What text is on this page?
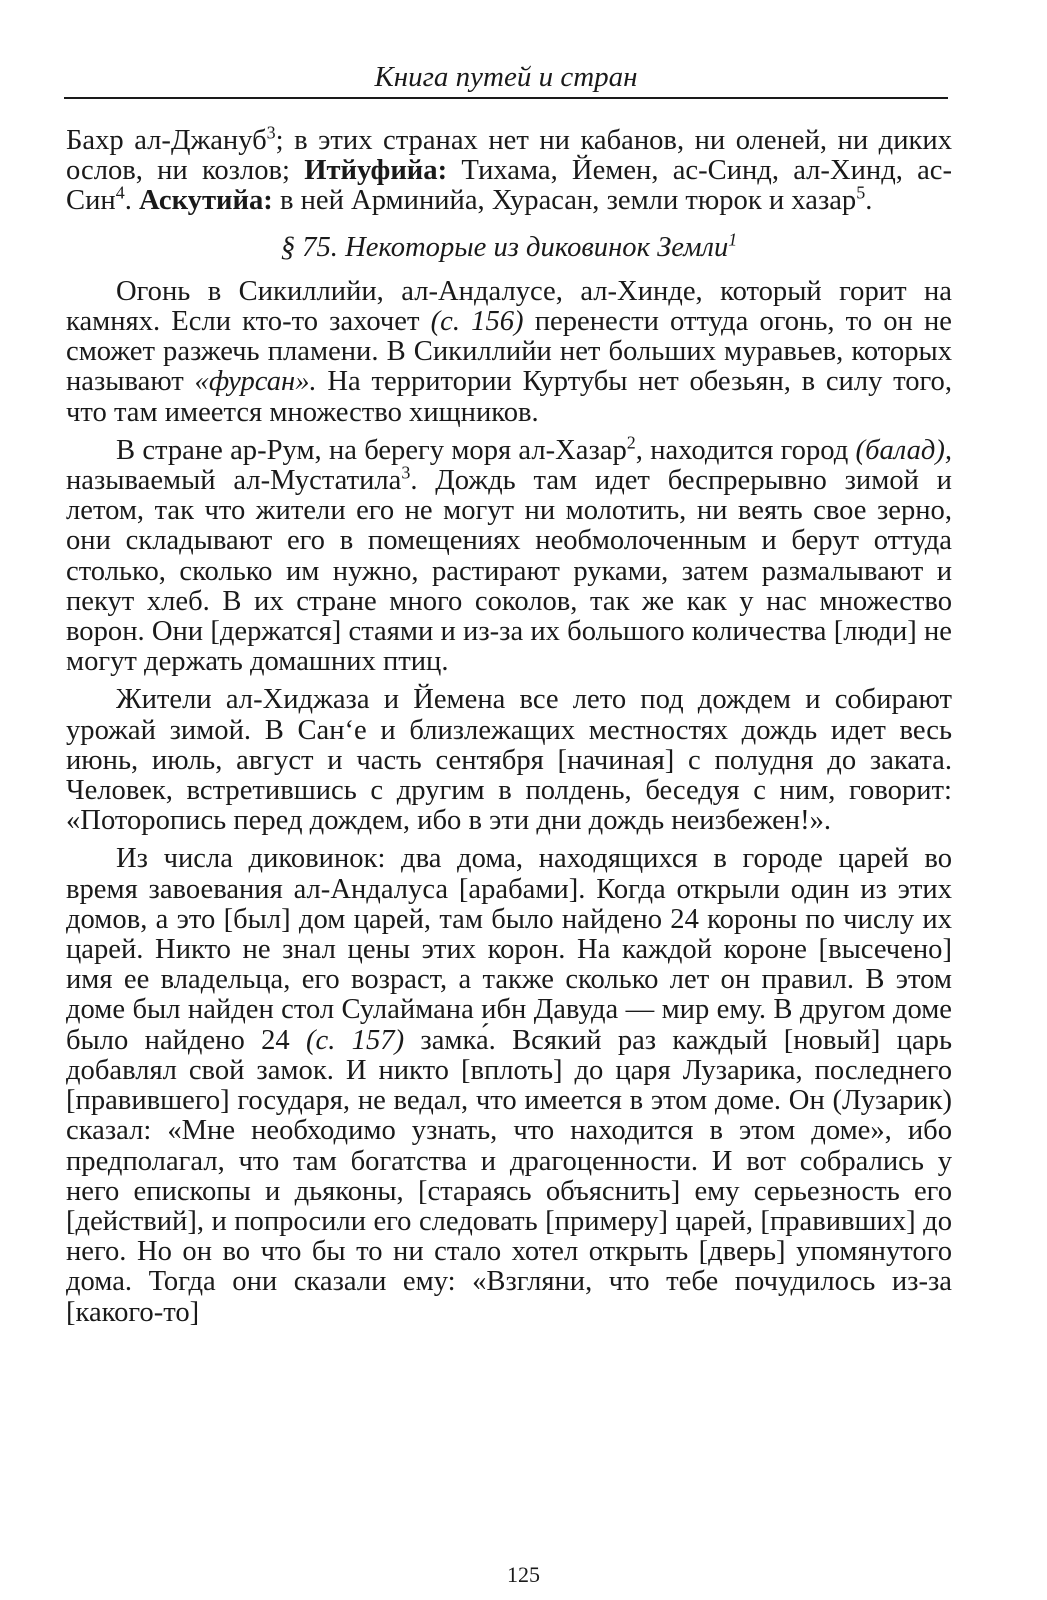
Книга путей и стран

Бахр ал-Джануб$^3$; в этих странах нет ни кабанов, ни оленей, ни диких ослов, ни козлов; Итйуфийа: Тихама, Йемен, ас-Синд, ал-Хинд, ас-Син$^4$. Аскутийа: в ней Арминийа, Хурасан, земли тюрок и хазар$^5$.

§ 75. Некоторые из диковинок Земли$^1$

Огонь в Сикиллийи, ал-Андалусе, ал-Хинде, который горит на камнях. Если кто-то захочет (с. 156) перенести оттуда огонь, то он не сможет разжечь пламени. В Сикиллийи нет больших муравьев, которых называют «фурсан». На территории Куртубы нет обезьян, в силу того, что там имеется множество хищников.

В стране ар-Рум, на берегу моря ал-Хазар$^2$, находится город (балад), называемый ал-Мустатила$^3$. Дождь там идет беспрерывно зимой и летом, так что жители его не могут ни молотить, ни веять свое зерно, они складывают его в помещениях необмолоченным и берут оттуда столько, сколько им нужно, растирают руками, затем размалывают и пекут хлеб. В их стране много соколов, так же как у нас множество ворон. Они [держатся] стаями и из-за их большого количества [люди] не могут держать домашних птиц.

Жители ал-Хиджаза и Йемена все лето под дождем и собирают урожай зимой. В Сан‘е и близлежащих местностях дождь идет весь июнь, июль, август и часть сентября [начиная] с полудня до заката. Человек, встретившись с другим в полдень, беседуя с ним, говорит: «Поторопись перед дождем, ибо в эти дни дождь неизбежен!».

Из числа диковинок: два дома, находящихся в городе царей во время завоевания ал-Андалуса [арабами]. Когда открыли один из этих домов, а это [был] дом царей, там было найдено 24 короны по числу их царей. Никто не знал цены этих корон. На каждой короне [высечено] имя ее владельца, его возраст, а также сколько лет он правил. В этом доме был найден стол Сулаймана ибн Давуда — мир ему. В другом доме было найдено 24 (с. 157) замка́. Всякий раз каждый [новый] царь добавлял свой замок. И никто [вплоть] до царя Лузарика, последнего [правившего] государя, не ведал, что имеется в этом доме. Он (Лузарик) сказал: «Мне необходимо узнать, что находится в этом доме», ибо предполагал, что там богатства и драгоценности. И вот собрались у него епископы и дьяконы, [стараясь объяснить] ему серьезность его [действий], и попросили его следовать [примеру] царей, [правивших] до него. Но он во что бы то ни стало хотел открыть [дверь] упомянутого дома. Тогда они сказали ему: «Взгляни, что тебе почудилось из-за [какого-то]

125
